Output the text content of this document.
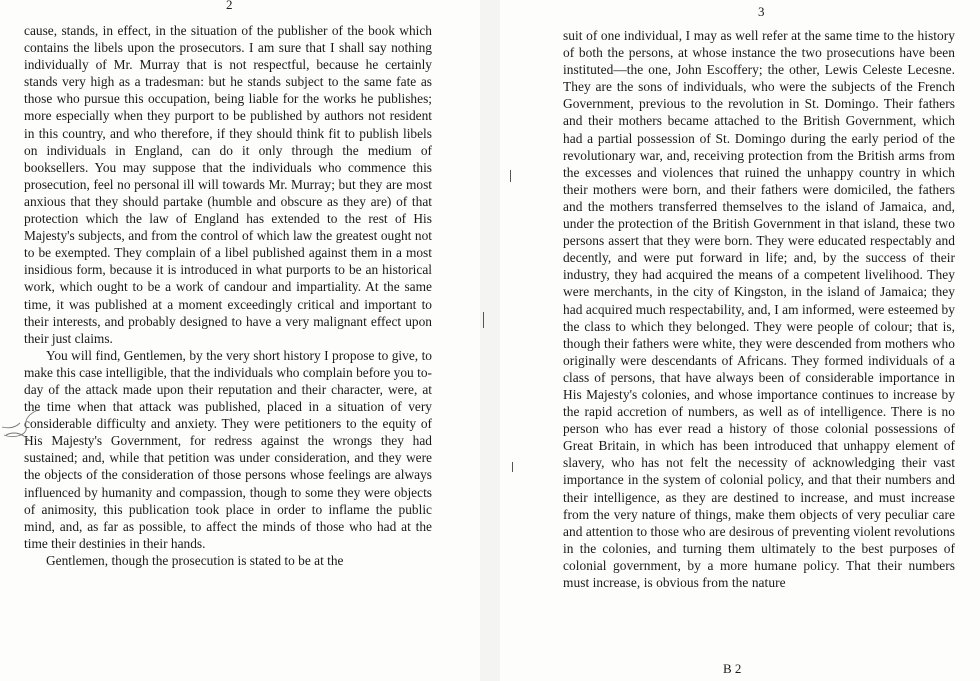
2

cause, stands, in effect, in the situation of the publisher of the book which contains the libels upon the prosecutors. I am sure that I shall say nothing individually of Mr. Murray that is not respectful, because he certainly stands very high as a tradesman: but he stands subject to the same fate as those who pursue this occupation, being liable for the works he publishes; more especially when they purport to be published by authors not resident in this country, and who therefore, if they should think fit to publish libels on individuals in England, can do it only through the medium of booksellers. You may suppose that the individuals who commence this prosecution, feel no personal ill will towards Mr. Murray; but they are most anxious that they should partake (humble and obscure as they are) of that protection which the law of England has extended to the rest of His Majesty's subjects, and from the control of which law the greatest ought not to be exempted. They complain of a libel published against them in a most insidious form, because it is introduced in what purports to be an historical work, which ought to be a work of candour and impartiality. At the same time, it was published at a moment exceedingly critical and important to their interests, and probably designed to have a very malignant effect upon their just claims.

You will find, Gentlemen, by the very short history I propose to give, to make this case intelligible, that the individuals who complain before you to-day of the attack made upon their reputation and their character, were, at the time when that attack was published, placed in a situation of very considerable difficulty and anxiety. They were petitioners to the equity of His Majesty's Government, for redress against the wrongs they had sustained; and, while that petition was under consideration, and they were the objects of the consideration of those persons whose feelings are always influenced by humanity and compassion, though to some they were objects of animosity, this publication took place in order to inflame the public mind, and, as far as possible, to affect the minds of those who had at the time their destinies in their hands.

Gentlemen, though the prosecution is stated to be at the

3

suit of one individual, I may as well refer at the same time to the history of both the persons, at whose instance the two prosecutions have been instituted—the one, John Escoffery; the other, Lewis Celeste Lecesne. They are the sons of individuals, who were the subjects of the French Government, previous to the revolution in St. Domingo. Their fathers and their mothers became attached to the British Government, which had a partial possession of St. Domingo during the early period of the revolutionary war, and, receiving protection from the British arms from the excesses and violences that ruined the unhappy country in which their mothers were born, and their fathers were domiciled, the fathers and the mothers transferred themselves to the island of Jamaica, and, under the protection of the British Government in that island, these two persons assert that they were born. They were educated respectably and decently, and were put forward in life; and, by the success of their industry, they had acquired the means of a competent livelihood. They were merchants, in the city of Kingston, in the island of Jamaica; they had acquired much respectability, and, I am informed, were esteemed by the class to which they belonged. They were people of colour; that is, though their fathers were white, they were descended from mothers who originally were descendants of Africans. They formed individuals of a class of persons, that have always been of considerable importance in His Majesty's colonies, and whose importance continues to increase by the rapid accretion of numbers, as well as of intelligence. There is no person who has ever read a history of those colonial possessions of Great Britain, in which has been introduced that unhappy element of slavery, who has not felt the necessity of acknowledging their vast importance in the system of colonial policy, and that their numbers and their intelligence, as they are destined to increase, and must increase from the very nature of things, make them objects of very peculiar care and attention to those who are desirous of preventing violent revolutions in the colonies, and turning them ultimately to the best purposes of colonial government, by a more humane policy. That their numbers must increase, is obvious from the nature

B 2
